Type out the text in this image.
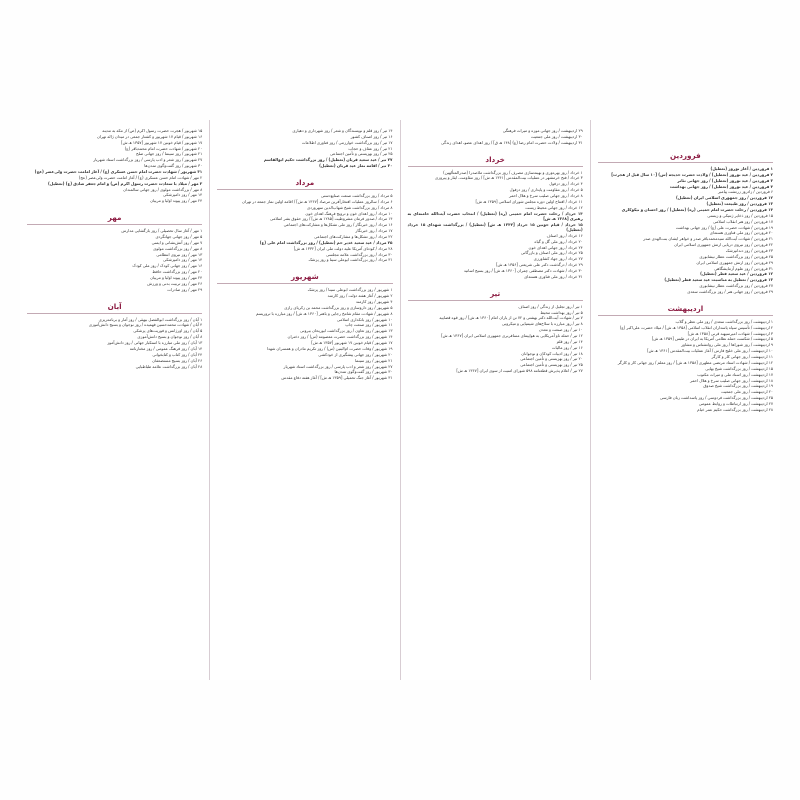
فروردین
۱ فروردین / آغاز نوروز (تعطیل)
۲ فروردین / عید نوروز (تعطیل) / ولادت حضرت خدیجه (س) [۱۰ سال قبل از هجرت]
۳ فروردین / عید نوروز (تعطیل) / روز جهانی تئاتر
۴ فروردین / عید نوروز (تعطیل) / روز جهانی بهداشت
۶ فروردین / زادروز زرتشت پیامبر
۱۲ فروردین / روز جمهوری اسلامی ایران (تعطیل)
۱۳ فروردین / روز طبیعت (تعطیل)
۱۴ فروردین / رحلت حضرت امام خمینی (ره) (تعطیل) / روز احسان و نیکوکاری
۱۵ فروردین / روز ذخایر ژنتیکی و زیستی
۱۷ فروردین / روز هنر انقلاب اسلامی
۱۹ فروردین / شهادت حضرت علی (ع) / روز جهانی بهداشت
۲۰ فروردین / روز ملی فناوری هسته‌ای
۲۱ فروردین / شهادت آیت‌الله سیدمحمدباقر صدر و خواهر ایشان بنت‌الهدی صدر
۲۲ فروردین / روز نیروی دریایی ارتش جمهوری اسلامی ایران
۲۳ فروردین / روز دندانپزشک
۲۵ فروردین / روز بزرگداشت عطار نیشابوری
۲۹ فروردین / روز ارتش جمهوری اسلامی ایران
۳۱ فروردین / روز علوم آزمایشگاهی
۱۲ فروردین / عید سعید فطر (تعطیل)
۱۳ فروردین / تعطیل به مناسبت عید سعید فطر (تعطیل)
۲۷ فروردین / روز بزرگداشت عطار نیشابوری
۲۹ فروردین / روز جهانی هنر / روز بزرگداشت سعدی
اردیبهشت
۱ اردیبهشت / روز بزرگداشت سعدی / روز ملی عطر و گلاب
۲ اردیبهشت / تأسیس سپاه پاسداران انقلاب اسلامی [۱۳۵۸ هـ ش] / میلاد حضرت علی‌اکبر (ع)
۳ اردیبهشت / شهادت امیرسپهبد قرنی [۱۳۵۸ هـ ش]
۵ اردیبهشت / شکست حمله نظامی آمریکا به ایران در طبس [۱۳۵۹ هـ ش]
۹ اردیبهشت / روز شوراها / روز ملی روانشناس و مشاور
۱۰ اردیبهشت / روز ملی خلیج فارس / آغاز عملیات بیت‌المقدس [۱۳۶۱ هـ ش]
۱۱ اردیبهشت / روز جهانی کار و کارگر
۱۲ اردیبهشت / شهادت استاد مرتضی مطهری [۱۳۵۸ هـ ش] / روز معلم / روز جهانی کار و کارگر
۱۵ اردیبهشت / روز بزرگداشت شیخ بهایی
۱۷ اردیبهشت / روز اسناد ملی و میراث مکتوب
۱۸ اردیبهشت / روز جهانی صلیب سرخ و هلال احمر
۱۹ اردیبهشت / روز بزرگداشت شیخ صدوق
۲۰ اردیبهشت / روز ملی جمعیت
۲۵ اردیبهشت / روز بزرگداشت فردوسی / روز پاسداشت زبان فارسی
۲۷ اردیبهشت / روز ارتباطات و روابط عمومی
۲۸ اردیبهشت / روز بزرگداشت حکیم عمر خیام
۲۹ اردیبهشت / روز جهانی موزه و میراث فرهنگی
۳۰ اردیبهشت / روز ملی جمعیت
۳۱ اردیبهشت / ولادت حضرت امام رضا (ع) [۱۴۸ هـ ق] / روز اهدای عضو، اهدای زندگی
خرداد
۱ خرداد / روز بهره‌وری و بهینه‌سازی مصرف / روز بزرگداشت ملاصدرا (صدرالمتألهین)
۳ خرداد / فتح خرمشهر در عملیات بیت‌المقدس [۱۳۶۱ هـ ش] / روز مقاومت، ایثار و پیروزی
۴ خرداد / روز دزفول
۵ خرداد / روز مقاومت و پایداری / روز دزفول
۸ خرداد / روز جهانی صلیب سرخ و هلال احمر
۱۱ خرداد / افتتاح اولین دوره مجلس شورای اسلامی [۱۳۵۹ هـ ش]
۱۲ خرداد / روز جهانی محیط زیست
۱۴ خرداد / رحلت حضرت امام خمینی (ره) (تعطیل) / انتخاب حضرت آیت‌الله خامنه‌ای به رهبری [۱۳۶۸ هـ ش]
۱۵ خرداد / قیام خونین ۱۵ خرداد [۱۳۴۲ هـ ش] (تعطیل) / بزرگداشت شهدای ۱۵ خرداد (تعطیل)
۱۶ خرداد / روز اصناف
۲۰ خرداد / روز ملی ‌گل و گیاه
۲۴ خرداد / روز جهانی اهدای خون
۲۵ خرداد / روز ملی اصناف و بازرگانی
۲۷ خرداد / روز جهاد کشاورزی
۲۹ خرداد / درگذشت دکتر علی شریعتی [۱۳۵۶ هـ ش]
۳۰ خرداد / شهادت دکتر مصطفی چمران [۱۳۶۰ هـ ش] / روز بسیج اساتید
۳۱ خرداد / روز ملی فناوری هسته‌ای
تیر
۱ تیر / روز تجلیل از زندگی / روز اصناف
۵ تیر / روز بهداشت محیط
۷ تیر / شهادت آیت‌الله دکتر بهشتی و ۷۲ تن از یاران امام [۱۳۶۰ هـ ش] / روز قوه قضاییه
۸ تیر / روز مبارزه با سلاح‌های شیمیایی و میکروبی
۱۰ تیر / روز صنعت و معدن
۱۲ تیر / حمله ناو آمریکایی به هواپیمای مسافربری جمهوری اسلامی ایران [۱۳۶۷ هـ ش]
۱۴ تیر / روز قلم
۱۶ تیر / روز مالیات
۱۸ تیر / روز ادبیات کودکان و نوجوانان
۲۰ تیر / روز بهزیستی و تأمین اجتماعی
۲۵ تیر / روز بهزیستی و تأمین اجتماعی
۲۷ تیر / اعلام پذیرش قطعنامه ۵۹۸ شورای امنیت از سوی ایران [۱۳۶۷ هـ ش]
۱۴ تیر / روز قلم و نویسندگان و شعر / روز شهرداری و دهیاری
۱۶ تیر / روز اصناف کشور
۱۷ تیر / روز بزرگداشت خوارزمی / روز فناوری اطلاعات
۲۱ تیر / روز عفاف و حجاب
۲۵ تیر / روز بهزیستی و تأمین اجتماعی
۲۷ تیر / عید سعید قربان (تعطیل) / روز بزرگداشت حکیم ابوالقاسم
۳۰ تیر / اقامه نماز عید قربان (تعطیل)
مرداد
۵ مرداد / روز بزرگداشت صنعت صنایع‌دستی
۶ مرداد / سالروز عملیات افتخارآفرین مرصاد [۱۳۶۷ هـ ش] / اقامه اولین نماز جمعه در تهران
۸ مرداد / روز بزرگداشت شیخ شهاب‌الدین سهروردی
۱۰ مرداد / روز اهدای خون و ترویج فرهنگ اهدای خون
۱۴ مرداد / صدور فرمان مشروطیت [۱۲۸۵ هـ ش] / روز حقوق بشر اسلامی
۱۶ مرداد / روز خبرنگار / روز ملی تشکل‌ها و مشارکت‌های اجتماعی
۱۷ مرداد / روز خبرنگار
۲۲ مرداد / روز تشکل‌ها و مشارکت‌های اجتماعی
۲۵ مرداد / عید سعید غدیر خم (تعطیل) / روز بزرگداشت امام علی (ع)
۲۸ مرداد / کودتای آمریکا علیه دولت ملی ایران [۱۳۳۲ هـ ش]
۳۰ مرداد / روز بزرگداشت علامه مجلسی
۳۱ مرداد / روز بزرگداشت ابوعلی سینا و روز پزشک
شهریور
۱ شهریور / روز بزرگداشت ابوعلی سینا / روز پزشک
۲ شهریور / آغاز هفته دولت / روز کارمند
۴ شهریور / روز کارمند
۵ شهریور / روز داروسازی و روز بزرگداشت محمد بن زکریای رازی
۸ شهریور / شهادت مقام شامخ رجایی و باهنر [۱۳۶۰ هـ ش] / روز مبارزه با تروریسم
۱۰ شهریور / روز بانکداری اسلامی
۱۱ شهریور / روز صنعت چاپ
۱۳ شهریور / روز تعاون / روز بزرگداشت ابوریحان بیرونی
۱۴ شهریور / روز بزرگداشت حضرت معصومه (س) / روز دختران
۱۷ شهریور / قیام خونین ۱۷ شهریور [۱۳۵۷ هـ ش]
۱۹ شهریور / وفات حضرت ام‌البنین (س) / روز تکریم مادران و همسران شهدا
۲۰ شهریور / روز جهانی پیشگیری از خودکشی
۲۱ شهریور / روز سینما
۲۷ شهریور / روز شعر و ادب پارسی / روز بزرگداشت استاد شهریار
۳۰ شهریور / روز گفت‌وگوی تمدن‌ها
۳۱ شهریور / آغاز جنگ تحمیلی [۱۳۵۹ هـ ش] / آغاز هفته دفاع مقدس
۱۵ شهریور / هجرت حضرت رسول اکرم (ص) از مکه به مدینه
۱۶ شهریور / قیام ۱۷ شهریور و کشتار جمعی در میدان ژاله تهران
۱۷ شهریور / قیام خونین ۱۷ شهریور [۱۳۵۷ هـ ش]
۲۰ شهریور / شهادت حضرت امام محمدباقر (ع)
۲۱ شهریور / روز سینما / روز جهانی صلح
۲۷ شهریور / روز شعر و ادب پارسی / روز بزرگداشت استاد شهریار
۳۰ شهریور / روز گفت‌وگوی تمدن‌ها
۳۱ شهریور / شهادت حضرت امام حسن عسکری (ع) / آغاز امامت حضرت ولی‌عصر (عج)
۲ مهر / شهادت امام حسن عسکری (ع) / آغاز امامت حضرت ولی‌عصر (عج)
۳ مهر / میلاد با سعادت حضرت رسول اکرم (ص) و امام جعفر صادق (ع) (تعطیل)
۸ مهر / بزرگداشت مولوی / روز جهانی سالمندان
۱۴ مهر / روز دامپزشکی
۲۴ مهر / روز پیوند اولیا و مربیان
مهر
۱ مهر / آغاز سال تحصیلی / روز بازگشایی مدارس
۵ مهر / روز جهانی جهانگردی
۷ مهر / روز آتش‌نشانی و ایمنی
۸ مهر / روز بزرگداشت مولوی
۱۳ مهر / روز نیروی انتظامی
۱۴ مهر / روز دامپزشکی
۱۶ مهر / روز جهانی کودک / روز ملی کودک
۲۰ مهر / روز بزرگداشت حافظ
۲۴ مهر / روز پیوند اولیا و مربیان
۲۶ مهر / روز تربیت بدنی و ورزش
۲۹ مهر / روز صادرات
آبان
۱ آبان / روز بزرگداشت ابوالفضل بیهقی / روز آمار و برنامه‌ریزی
۴ آبان / شهادت محمدحسین فهمیده / روز نوجوان و بسیج دانش‌آموزی
۵ آبان / روز اورژانس و فوریت‌های پزشکی
۸ آبان / روز نوجوان و بسیج دانش‌آموزی
۱۳ آبان / روز ملی مبارزه با استکبار جهانی / روز دانش‌آموز
۱۴ آبان / روز فرهنگ عمومی / روز مختارنامه
۲۴ آبان / روز کتاب و کتابخوانی
۲۶ آبان / روز بسیج مستضعفان
۲۸ آبان / روز بزرگداشت علامه طباطبایی
